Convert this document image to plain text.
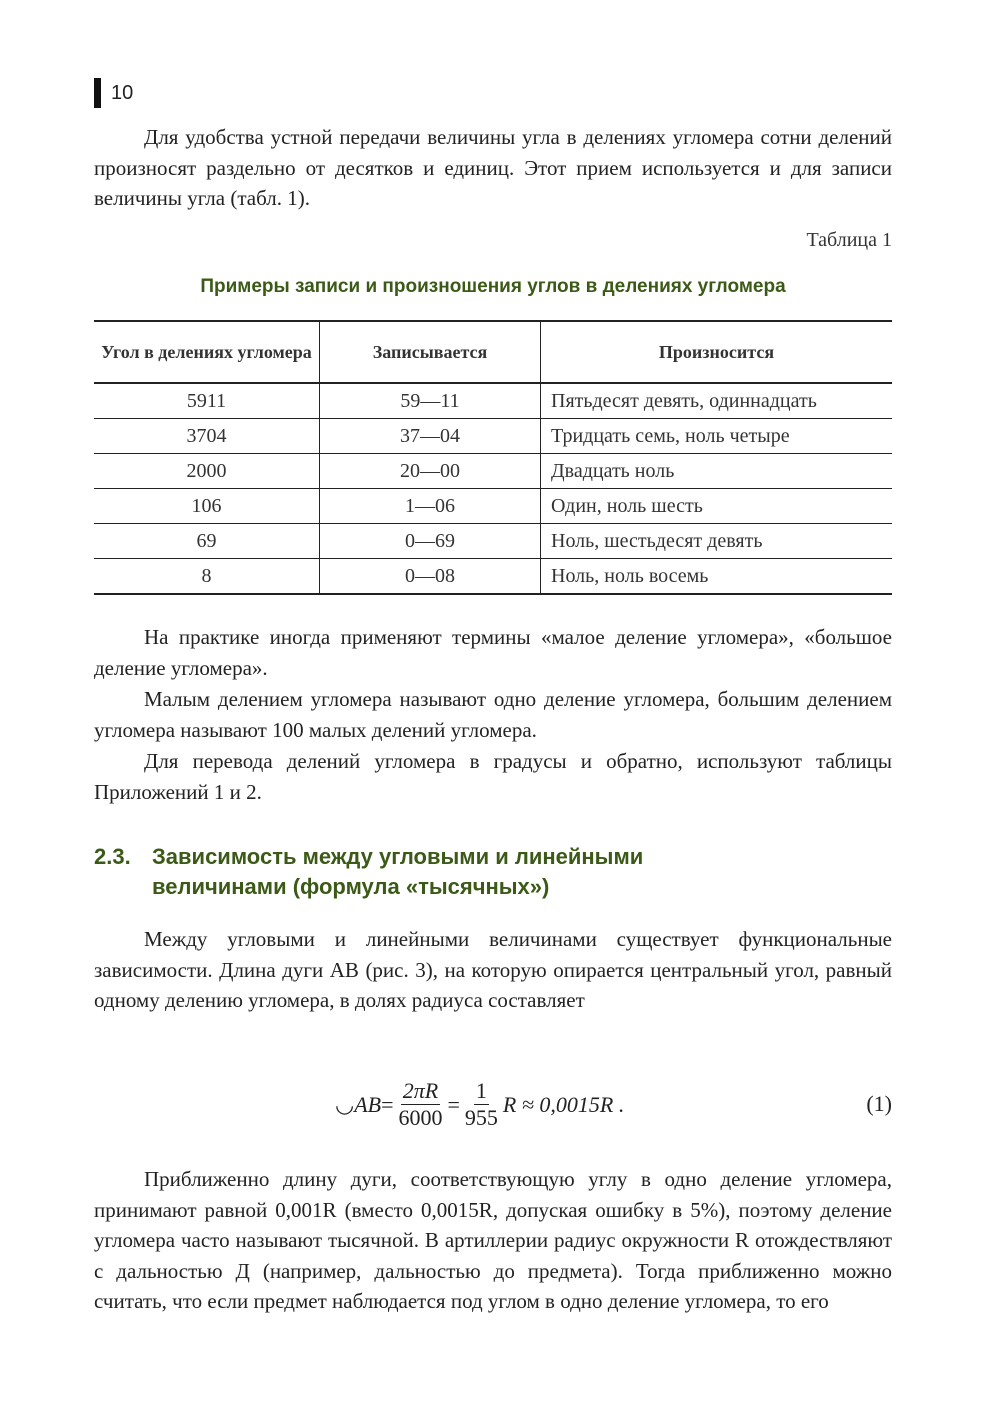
10

Для удобства устной передачи величины угла в делениях угломера сотни делений произносят раздельно от десятков и единиц. Этот прием используется и для записи величины угла (табл. 1).

Таблица 1
Примеры записи и произношения углов в делениях угломера
Угол в делениях угломера	Записывается	Произносится
5911	59—11	Пятьдесят девять, одиннадцать
3704	37—04	Тридцать семь, ноль четыре
2000	20—00	Двадцать ноль
106	1—06	Один, ноль шесть
69	0—69	Ноль, шестьдесят девять
8	0—08	Ноль, ноль восемь

На практике иногда применяют термины «малое деление угломера», «большое деление угломера».

Малым делением угломера называют одно деление угломера, большим делением угломера называют 100 малых делений угломера.

Для перевода делений угломера в градусы и обратно, используют таблицы Приложений 1 и 2.

2.3. Зависимость между угловыми и линейными
величинами (формула «тысячных»)

Между угловыми и линейными величинами существует функциональные зависимости. Длина дуги АВ (рис. 3), на которую опирается центральный угол, равный одному делению угломера, в долях радиуса составляет

◡AB = $\frac{2\pi R}{6000} = \frac{1}{955}$ R ≈ 0,0015R .	(1)

Приближенно длину дуги, соответствующую углу в одно деление угломера, принимают равной 0,001R (вместо 0,0015R, допуская ошибку в 5%), поэтому деление угломера часто называют тысячной. В артиллерии радиус окружности R отождествляют с дальностью Д (например, дальностью до предмета). Тогда приближенно можно считать, что если предмет наблюдается под углом в одно деление угломера, то его
